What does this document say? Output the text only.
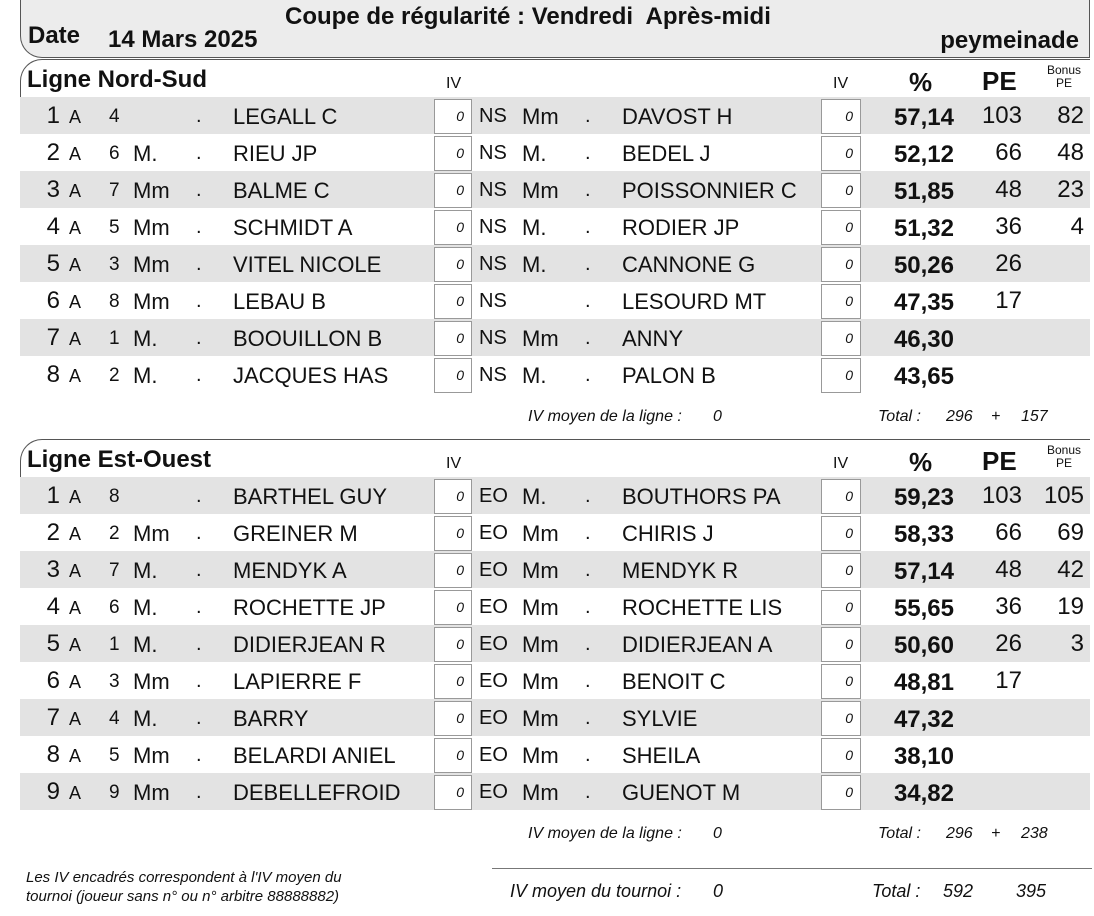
Date 14 Mars 2025
Coupe de régularité : Vendredi  Après-midi
peymeinade
Ligne Nord-Sud	IV	IV % PE	Bonus
PE
1 A 4	. LEGALL C	0 NS Mm . DAVOST H	0	57,14	103	82
2 A 6 M. . RIEU JP	0 NS M. . BEDEL J	0	52,12	66	48
3 A 7 Mm . BALME C	0 NS Mm . POISSONNIER C	0	51,85	48	23
4 A 5 Mm . SCHMIDT A	0 NS M. . RODIER JP	0	51,32	36	4
5 A 3 Mm . VITEL NICOLE	0 NS M. . CANNONE G	0	50,26	26
6 A 8 Mm . LEBAU B	0 NS	. LESOURD MT	0	47,35	17
7 A 1 M. . BOOUILLON B	0 NS Mm . ANNY	0	46,30
8 A 2 M. . JACQUES HAS	0 NS M. . PALON B	0	43,65
IV moyen de la ligne : 0	Total : 296 + 157
Ligne Est-Ouest	IV	IV % PE	Bonus
PE
1 A 8	. BARTHEL GUY	0 EO M. . BOUTHORS PA	0	59,23	103 105
2 A 2 Mm . GREINER M	0 EO Mm . CHIRIS J	0	58,33	66	69
3 A 7 M. . MENDYK A	0 EO Mm . MENDYK R	0	57,14	48	42
4 A 6 M. . ROCHETTE JP	0 EO Mm . ROCHETTE LIS	0	55,65	36	19
5 A 1 M. . DIDIERJEAN R	0 EO Mm . DIDIERJEAN A	0	50,60	26	3
6 A 3 Mm . LAPIERRE F	0 EO Mm . BENOIT C	0	48,81	17
7 A 4 M. . BARRY	0 EO Mm . SYLVIE	0	47,32
8 A 5 Mm . BELARDI ANIEL	0 EO Mm . SHEILA	0	38,10
9 A 9 Mm . DEBELLEFROID	0 EO Mm . GUENOT M	0	34,82
IV moyen de la ligne : 0	Total : 296 + 238
Les IV encadrés correspondent à l'IV moyen du
tournoi (joueur sans n° ou n° arbitre 88888882)	IV moyen du tournoi : 0	Total : 592 395
